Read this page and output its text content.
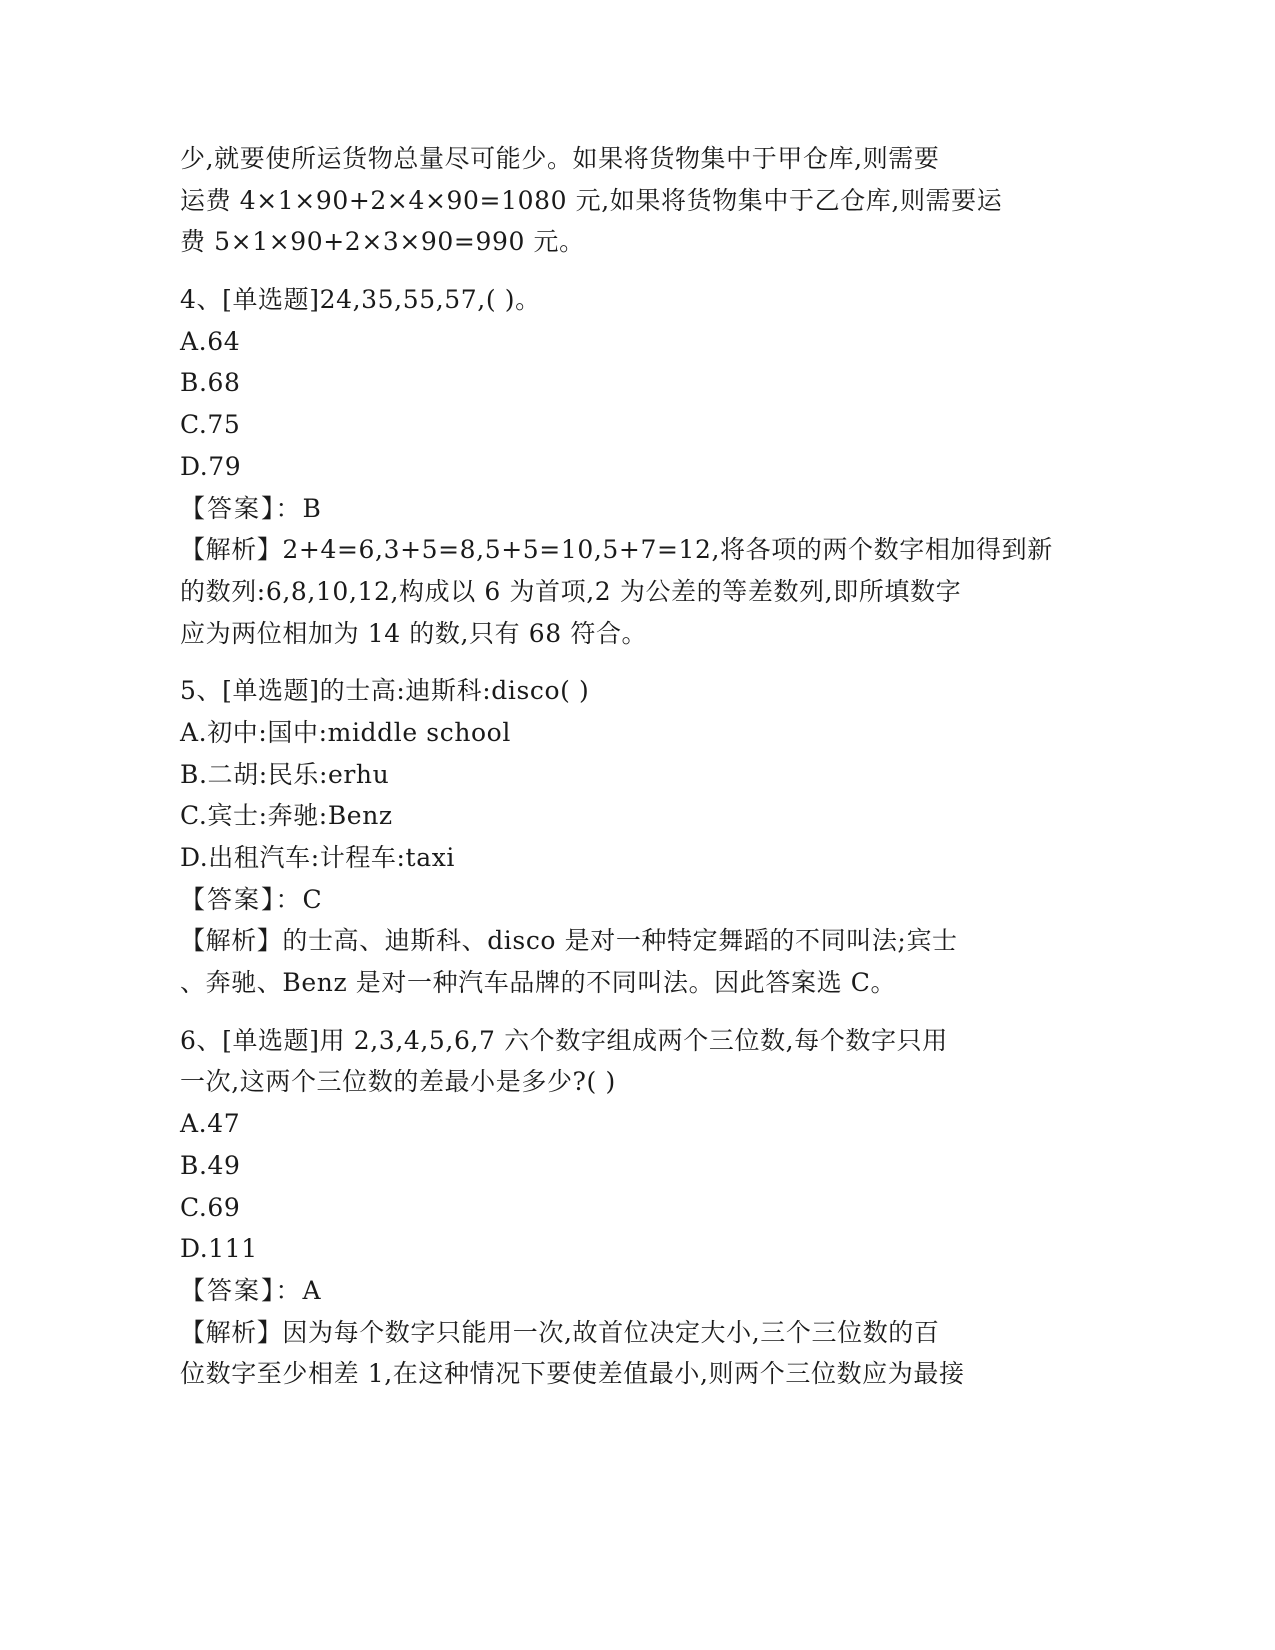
少,就要使所运货物总量尽可能少。如果将货物集中于甲仓库,则需要
运费 4×1×90+2×4×90=1080 元,如果将货物集中于乙仓库,则需要运
费 5×1×90+2×3×90=990 元。
4、[单选题]24,35,55,57,( )。
A.64
B.68
C.75
D.79
【答案】：B
【解析】2+4=6,3+5=8,5+5=10,5+7=12,将各项的两个数字相加得到新
的数列:6,8,10,12,构成以 6 为首项,2 为公差的等差数列,即所填数字
应为两位相加为 14 的数,只有 68 符合。
5、[单选题]的士高:迪斯科:disco( )
A.初中:国中:middle school
B.二胡:民乐:erhu
C.宾士:奔驰:Benz
D.出租汽车:计程车:taxi
【答案】：C
【解析】的士高、迪斯科、disco 是对一种特定舞蹈的不同叫法;宾士
、奔驰、Benz 是对一种汽车品牌的不同叫法。因此答案选 C。
6、[单选题]用 2,3,4,5,6,7 六个数字组成两个三位数,每个数字只用
一次,这两个三位数的差最小是多少?( )
A.47
B.49
C.69
D.111
【答案】：A
【解析】因为每个数字只能用一次,故首位决定大小,三个三位数的百
位数字至少相差 1,在这种情况下要使差值最小,则两个三位数应为最接
